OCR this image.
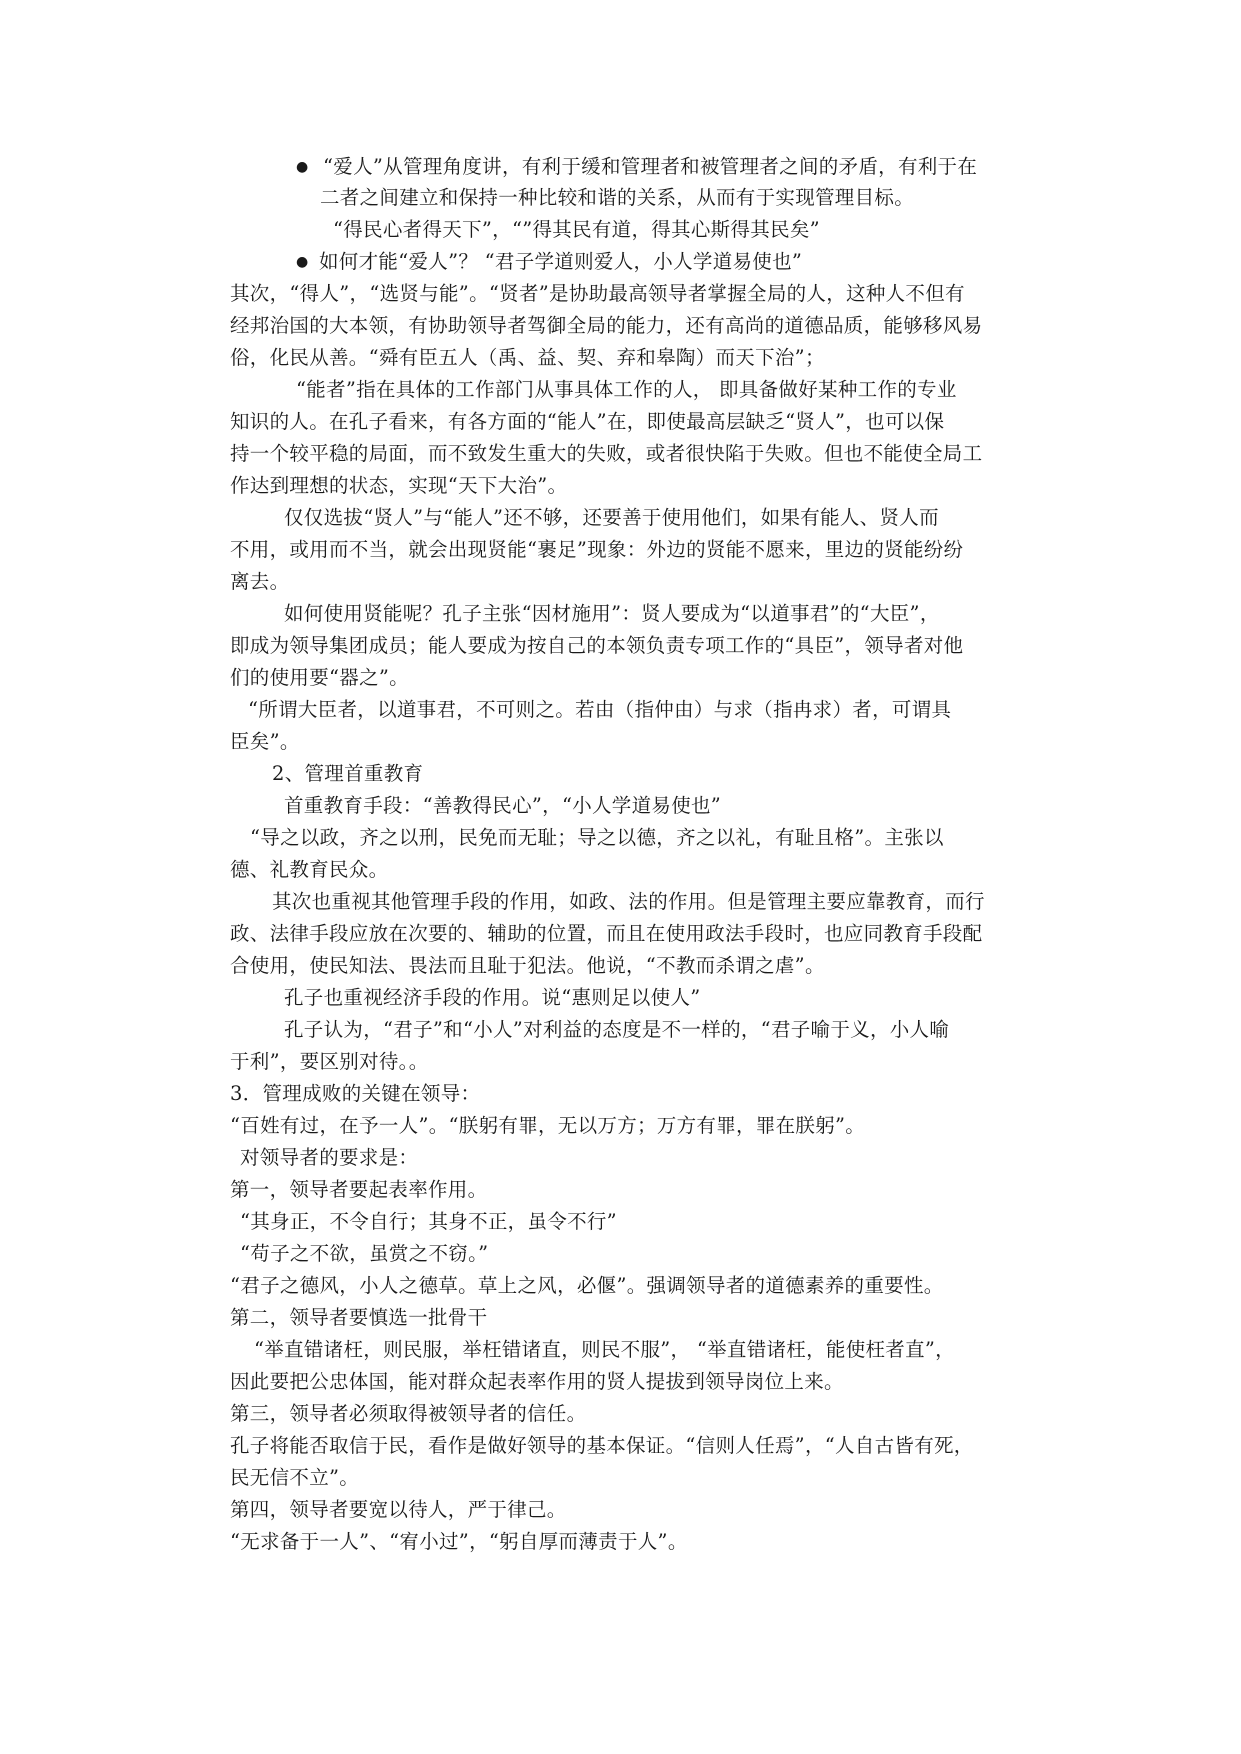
● “爱人”从管理角度讲，有利于缓和管理者和被管理者之间的矛盾，有利于在
二者之间建立和保持一种比较和谐的关系，从而有于实现管理目标。
“得民心者得天下”，“”得其民有道，得其心斯得其民矣”
● 如何才能“爱人”？ “君子学道则爱人，小人学道易使也”
其次，“得人”，“选贤与能”。“贤者”是协助最高领导者掌握全局的人，这种人不但有
经邦治国的大本领，有协助领导者驾御全局的能力，还有高尚的道德品质，能够移风易
俗，化民从善。“舜有臣五人（禹、益、契、弃和皋陶）而天下治”；
“能者”指在具体的工作部门从事具体工作的人， 即具备做好某种工作的专业
知识的人。在孔子看来，有各方面的“能人”在，即使最高层缺乏“贤人”，也可以保
持一个较平稳的局面，而不致发生重大的失败，或者很快陷于失败。但也不能使全局工
作达到理想的状态，实现“天下大治”。
仅仅选拔“贤人”与“能人”还不够，还要善于使用他们，如果有能人、贤人而
不用，或用而不当，就会出现贤能“裹足”现象：外边的贤能不愿来，里边的贤能纷纷
离去。
如何使用贤能呢？孔子主张“因材施用”：贤人要成为“以道事君”的“大臣”，
即成为领导集团成员；能人要成为按自己的本领负责专项工作的“具臣”，领导者对他
们的使用要“器之”。
“所谓大臣者，以道事君，不可则之。若由（指仲由）与求（指冉求）者，可谓具
臣矣”。
2、管理首重教育
首重教育手段：“善教得民心”，“小人学道易使也”
“导之以政，齐之以刑，民免而无耻；导之以德，齐之以礼，有耻且格”。主张以
德、礼教育民众。
其次也重视其他管理手段的作用，如政、法的作用。但是管理主要应靠教育，而行
政、法律手段应放在次要的、辅助的位置，而且在使用政法手段时，也应同教育手段配
合使用，使民知法、畏法而且耻于犯法。他说，“不教而杀谓之虐”。
孔子也重视经济手段的作用。说“惠则足以使人”
孔子认为，“君子”和“小人”对利益的态度是不一样的，“君子喻于义，小人喻
于利”，要区别对待。。
3．管理成败的关键在领导：
“百姓有过，在予一人”。“朕躬有罪，无以万方；万方有罪，罪在朕躬”。
对领导者的要求是：
第一，领导者要起表率作用。
“其身正，不令自行；其身不正，虽令不行”
“苟子之不欲，虽赏之不窃。”
“君子之德风，小人之德草。草上之风，必偃”。强调领导者的道德素养的重要性。
第二，领导者要慎选一批骨干
“举直错诸枉，则民服，举枉错诸直，则民不服”， “举直错诸枉，能使枉者直”，
因此要把公忠体国，能对群众起表率作用的贤人提拔到领导岗位上来。
第三，领导者必须取得被领导者的信任。
孔子将能否取信于民，看作是做好领导的基本保证。“信则人任焉”，“人自古皆有死，
民无信不立”。
第四，领导者要宽以待人，严于律己。
“无求备于一人”、“宥小过”，“躬自厚而薄责于人”。
